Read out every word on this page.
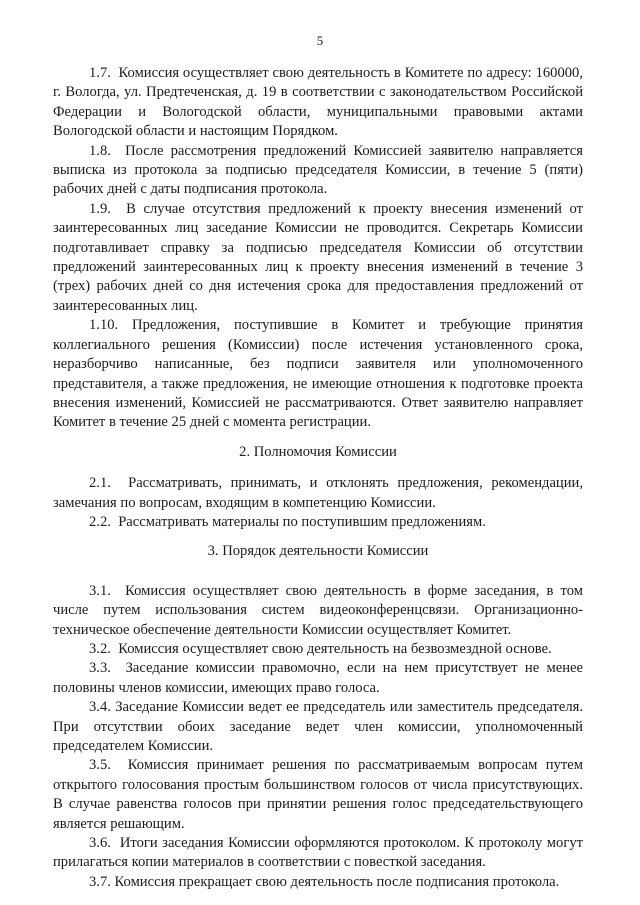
5

1.7.  Комиссия осуществляет свою деятельность в Комитете по адресу: 160000, г. Вологда, ул. Предтеченская, д. 19 в соответствии с законодательством Российской Федерации и Вологодской области, муниципальными правовыми актами Вологодской области и настоящим Порядком.

1.8.  После рассмотрения предложений Комиссией заявителю направляется выписка из протокола за подписью председателя Комиссии, в течение 5 (пяти) рабочих дней с даты подписания протокола.

1.9.  В случае отсутствия предложений к проекту внесения изменений от заинтересованных лиц заседание Комиссии не проводится. Секретарь Комиссии подготавливает справку за подписью председателя Комиссии об отсутствии предложений заинтересованных лиц к проекту внесения изменений в течение 3 (трех) рабочих дней со дня истечения срока для предоставления предложений от заинтересованных лиц.

1.10. Предложения, поступившие в Комитет и требующие принятия коллегиального решения (Комиссии) после истечения установленного срока, неразборчиво написанные, без подписи заявителя или уполномоченного представителя, а также предложения, не имеющие отношения к подготовке проекта внесения изменений, Комиссией не рассматриваются. Ответ заявителю направляет Комитет в течение 25 дней с момента регистрации.

2. Полномочия Комиссии

2.1.  Рассматривать, принимать, и отклонять предложения, рекомендации, замечания по вопросам, входящим в компетенцию Комиссии.

2.2.  Рассматривать материалы по поступившим предложениям.

3. Порядок деятельности Комиссии

3.1.  Комиссия осуществляет свою деятельность в форме заседания, в том числе путем использования систем видеоконференцсвязи. Организационно-техническое обеспечение деятельности Комиссии осуществляет Комитет.

3.2.  Комиссия осуществляет свою деятельность на безвозмездной основе.

3.3.  Заседание комиссии правомочно, если на нем присутствует не менее половины членов комиссии, имеющих право голоса.

3.4. Заседание Комиссии ведет ее председатель или заместитель председателя. При отсутствии обоих заседание ведет член комиссии, уполномоченный председателем Комиссии.

3.5.  Комиссия принимает решения по рассматриваемым вопросам путем открытого голосования простым большинством голосов от числа присутствующих. В случае равенства голосов при принятии решения голос председательствующего является решающим.

3.6.  Итоги заседания Комиссии оформляются протоколом. К протоколу могут прилагаться копии материалов в соответствии с повесткой заседания.

3.7. Комиссия прекращает свою деятельность после подписания протокола.
